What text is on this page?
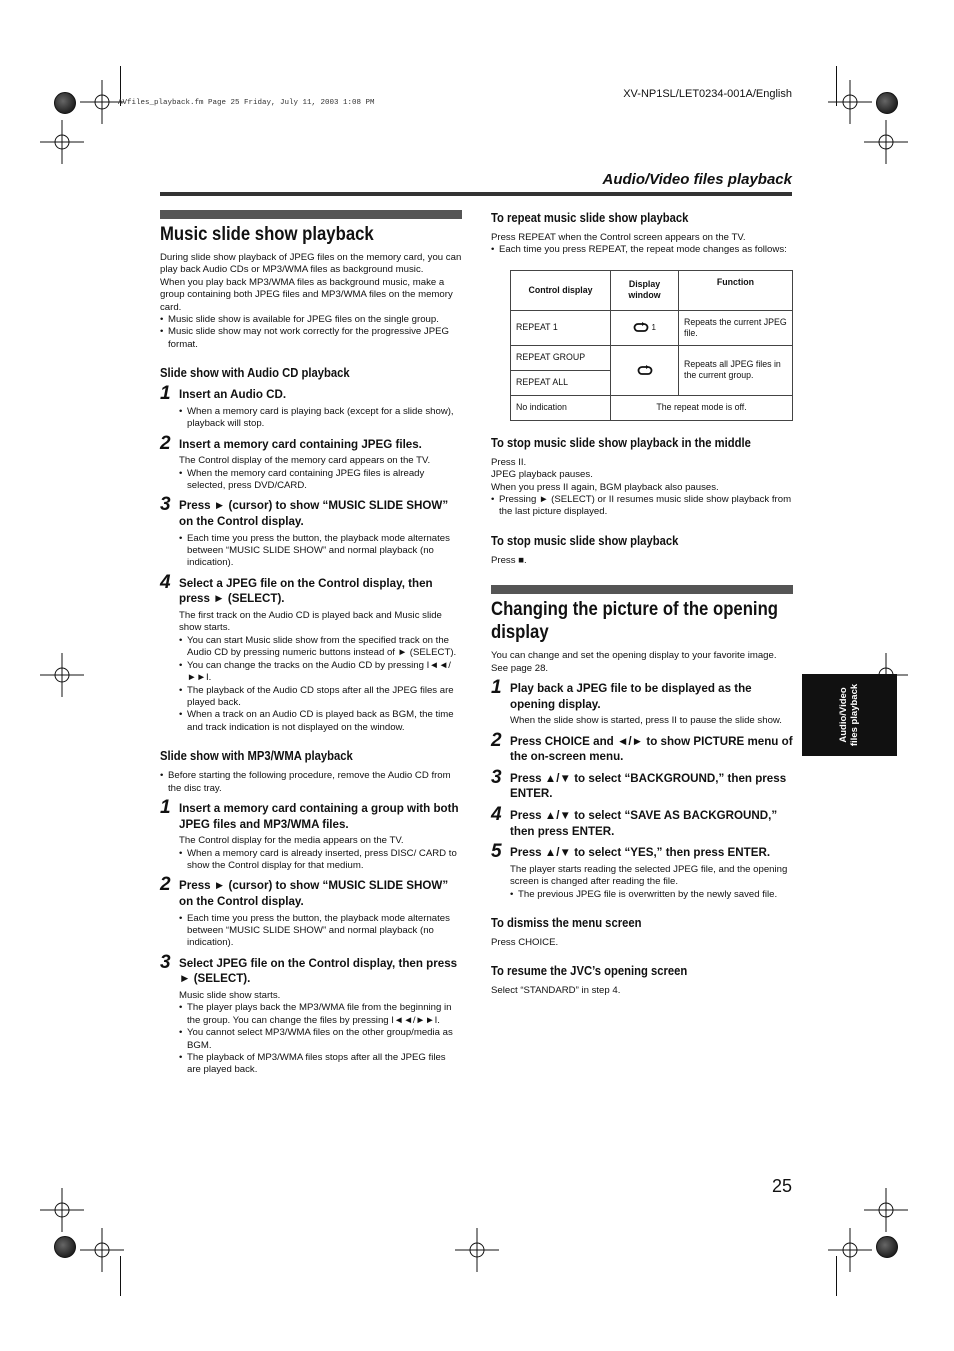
AVfiles_playback.fm Page 25 Friday, July 11, 2003 1:08 PM
XV-NP1SL/LET0234-001A/English
Audio/Video files playback
Music slide show playback

During slide show playback of JPEG files on the memory card, you can play back Audio CDs or MP3/WMA files as background music.

When you play back MP3/WMA files as background music, make a group containing both JPEG files and MP3/WMA files on the memory card.

• Music slide show is available for JPEG files on the single group.
• Music slide show may not work correctly for the progressive JPEG format.
Slide show with Audio CD playback
1 Insert an Audio CD.
• When a memory card is playing back (except for a slide show), playback will stop.
2 Insert a memory card containing JPEG files.

The Control display of the memory card appears on the TV.

• When the memory card containing JPEG files is already selected, press DVD/CARD.
3 Press ► (cursor) to show “MUSIC SLIDE SHOW” on the Control display.
• Each time you press the button, the playback mode alternates between “MUSIC SLIDE SHOW” and normal playback (no indication).
4 Select a JPEG file on the Control display, then press ► (SELECT).

The first track on the Audio CD is played back and Music slide show starts.

• You can start Music slide show from the specified track on the Audio CD by pressing numeric buttons instead of ► (SELECT).
• You can change the tracks on the Audio CD by pressing I◄◄/►►I.
• The playback of the Audio CD stops after all the JPEG files are played back.
• When a track on an Audio CD is played back as BGM, the time and track indication is not displayed on the window.
Slide show with MP3/WMA playback
• Before starting the following procedure, remove the Audio CD from the disc tray.
1 Insert a memory card containing a group with both JPEG files and MP3/WMA files.

The Control display for the media appears on the TV.

• When a memory card is already inserted, press DISC/ CARD to show the Control display for that medium.
2 Press ► (cursor) to show “MUSIC SLIDE SHOW” on the Control display.
• Each time you press the button, the playback mode alternates between “MUSIC SLIDE SHOW” and normal playback (no indication).
3 Select JPEG file on the Control display, then press ► (SELECT).

Music slide show starts.

• The player plays back the MP3/WMA file from the beginning in the group. You can change the files by pressing I◄◄/►►I.
• You cannot select MP3/WMA files on the other group/media as BGM.
• The playback of MP3/WMA files stops after all the JPEG files are played back.
To repeat music slide show playback

Press REPEAT when the Control screen appears on the TV.

• Each time you press REPEAT, the repeat mode changes as follows:
Control display	Display window	Function
REPEAT 1	1	Repeats the current JPEG file.
REPEAT GROUP		Repeats all JPEG files in the current group.
REPEAT ALL		
No indication	The repeat mode is off.	
To stop music slide show playback in the middle

Press II.

JPEG playback pauses.

When you press II again, BGM playback also pauses.

• Pressing ► (SELECT) or II resumes music slide show playback from the last picture displayed.
To stop music slide show playback

Press ■.

Changing the picture of the opening display

You can change and set the opening display to your favorite image. See page 28.

1 Play back a JPEG file to be displayed as the opening display.

When the slide show is started, press II to pause the slide show.

2 Press CHOICE and ◄/► to show PICTURE menu of the on-screen menu.
3 Press ▲/▼ to select “BACKGROUND,” then press ENTER.
4 Press ▲/▼ to select “SAVE AS BACKGROUND,” then press ENTER.
5 Press ▲/▼ to select “YES,” then press ENTER.

The player starts reading the selected JPEG file, and the opening screen is changed after reading the file.

• The previous JPEG file is overwritten by the newly saved file.
To dismiss the menu screen

Press CHOICE.

To resume the JVC’s opening screen

Select “STANDARD” in step 4.

Audio/Video files playback
25
